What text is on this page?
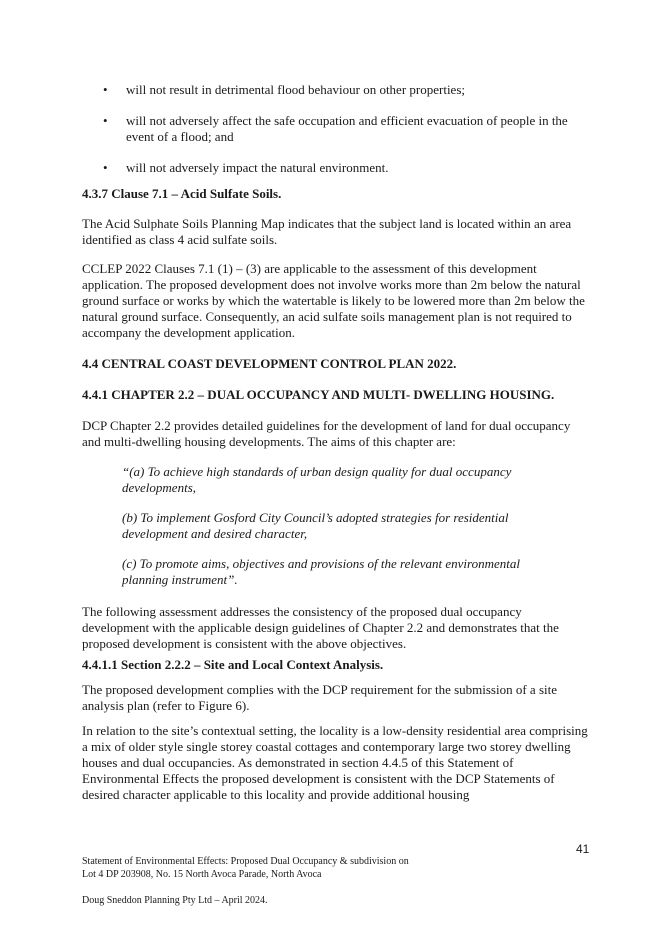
• will not result in detrimental flood behaviour on other properties;
• will not adversely affect the safe occupation and efficient evacuation of people in the event of a flood; and
• will not adversely impact the natural environment.
4.3.7 Clause 7.1 – Acid Sulfate Soils.

The Acid Sulphate Soils Planning Map indicates that the subject land is located within an area identified as class 4 acid sulfate soils.

CCLEP 2022 Clauses 7.1 (1) – (3) are applicable to the assessment of this development application. The proposed development does not involve works more than 2m below the natural ground surface or works by which the watertable is likely to be lowered more than 2m below the natural ground surface. Consequently, an acid sulfate soils management plan is not required to accompany the development application.

4.4 CENTRAL COAST DEVELOPMENT CONTROL PLAN 2022.
4.4.1 CHAPTER 2.2 – DUAL OCCUPANCY AND MULTI- DWELLING HOUSING.

DCP Chapter 2.2 provides detailed guidelines for the development of land for dual occupancy and multi-dwelling housing developments. The aims of this chapter are:

“(a) To achieve high standards of urban design quality for dual occupancy developments,

(b) To implement Gosford City Council’s adopted strategies for residential development and desired character,

(c) To promote aims, objectives and provisions of the relevant environmental planning instrument”.

The following assessment addresses the consistency of the proposed dual occupancy development with the applicable design guidelines of Chapter 2.2 and demonstrates that the proposed development is consistent with the above objectives.

4.4.1.1 Section 2.2.2 – Site and Local Context Analysis.

The proposed development complies with the DCP requirement for the submission of a site analysis plan (refer to Figure 6).

In relation to the site’s contextual setting, the locality is a low-density residential area comprising a mix of older style single storey coastal cottages and contemporary large two storey dwelling houses and dual occupancies. As demonstrated in section 4.4.5 of this Statement of Environmental Effects the proposed development is consistent with the DCP Statements of desired character applicable to this locality and provide additional housing

41
Statement of Environmental Effects: Proposed Dual Occupancy & subdivision on
Lot 4 DP 203908, No. 15 North Avoca Parade, North Avoca
Doug Sneddon Planning Pty Ltd – April 2024.
